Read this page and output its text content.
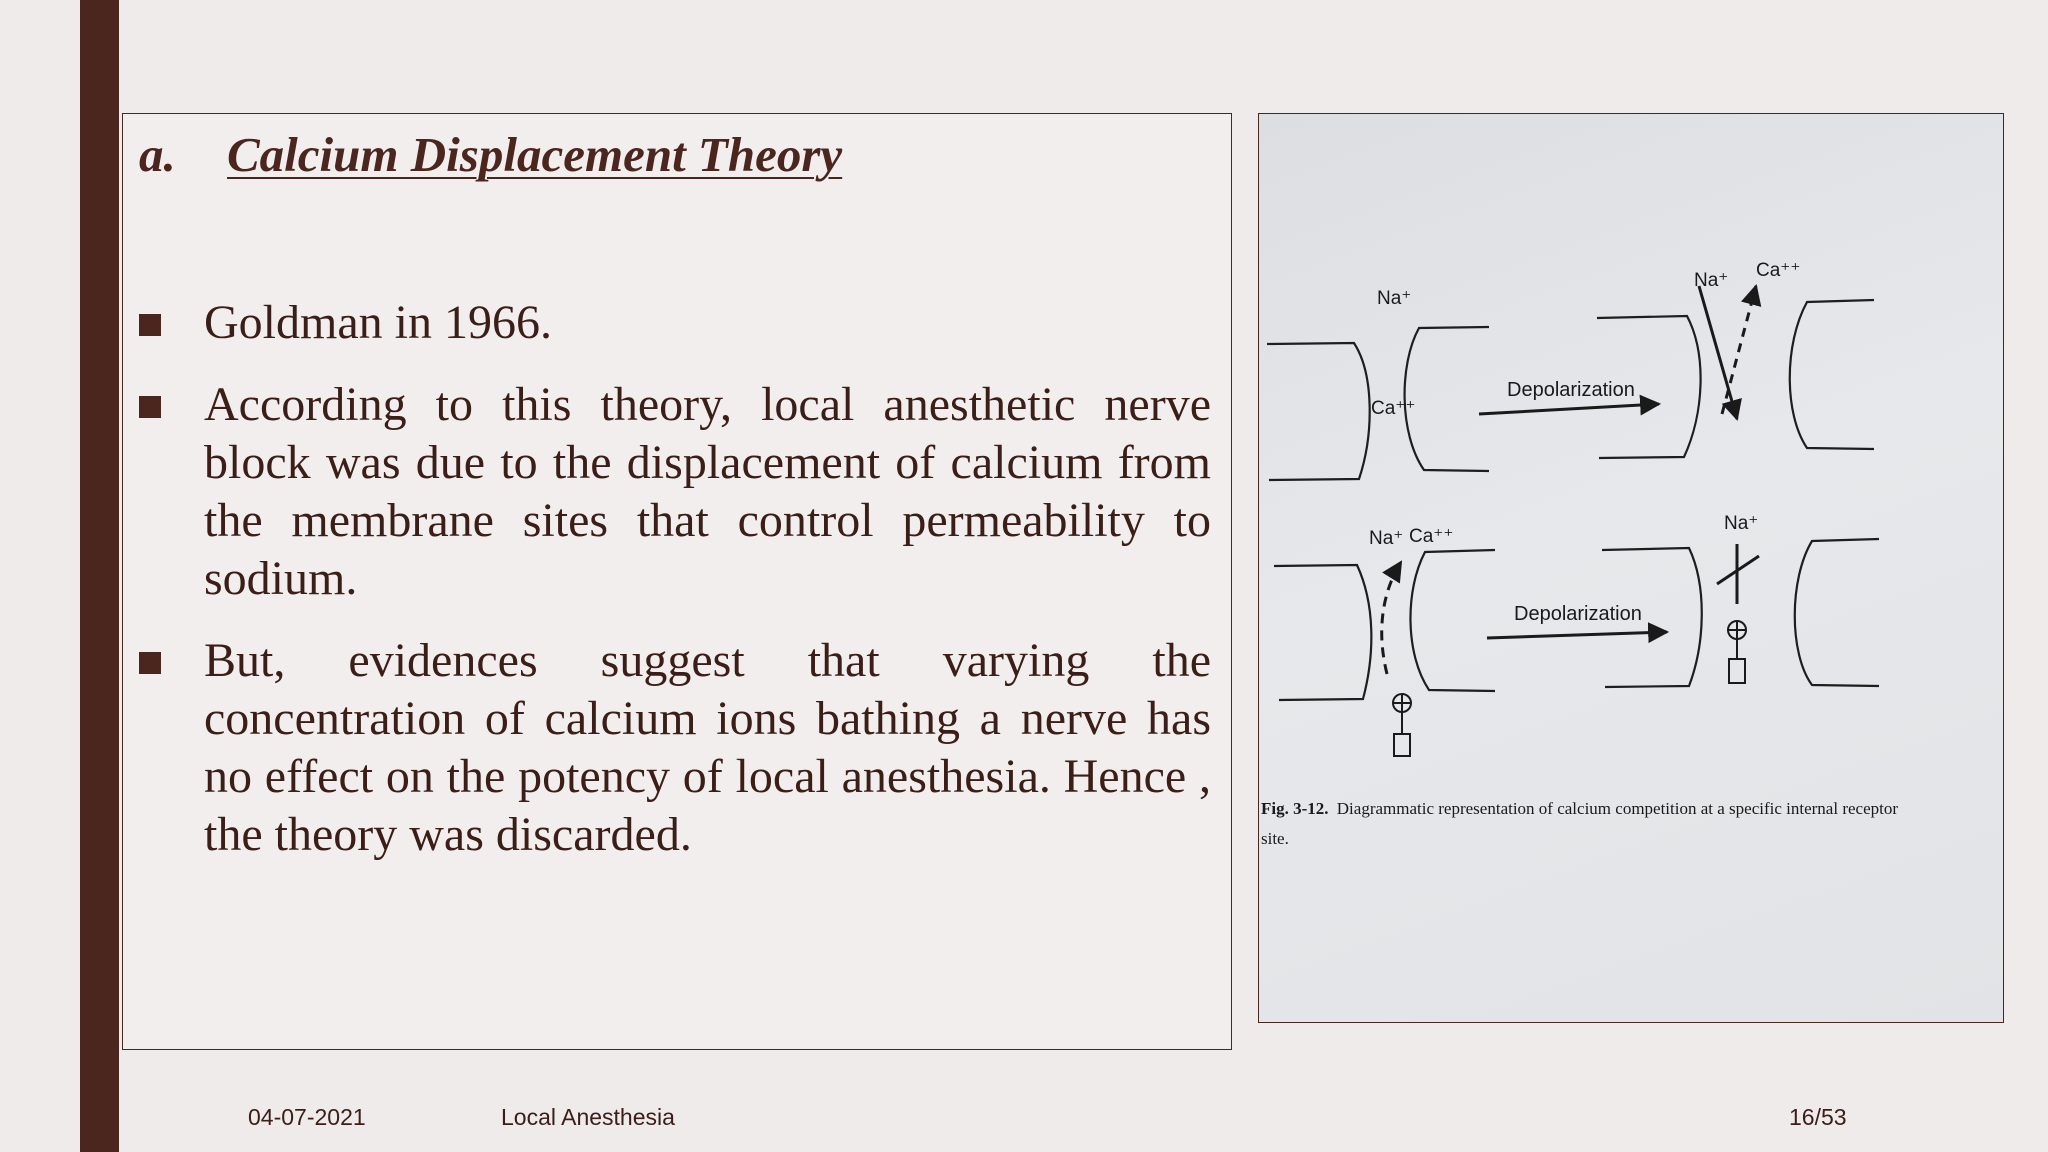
a. Calcium Displacement Theory
Goldman in 1966.
According to this theory, local anesthetic nerve block was due to the displacement of calcium from the membrane sites that control permeability to sodium.
But, evidences suggest that varying the concentration of calcium ions bathing a nerve has no effect on the potency of local anesthesia. Hence , the theory was discarded.
Na⁺
Ca⁺⁺
Na⁺ Ca⁺⁺
Na⁺ Ca⁺⁺
Na⁺
Depolarization
Depolarization
Fig. 3-12. Diagrammatic representation of calcium competition at a specific internal receptor
site.
04-07-2021	Local Anesthesia	16/53
